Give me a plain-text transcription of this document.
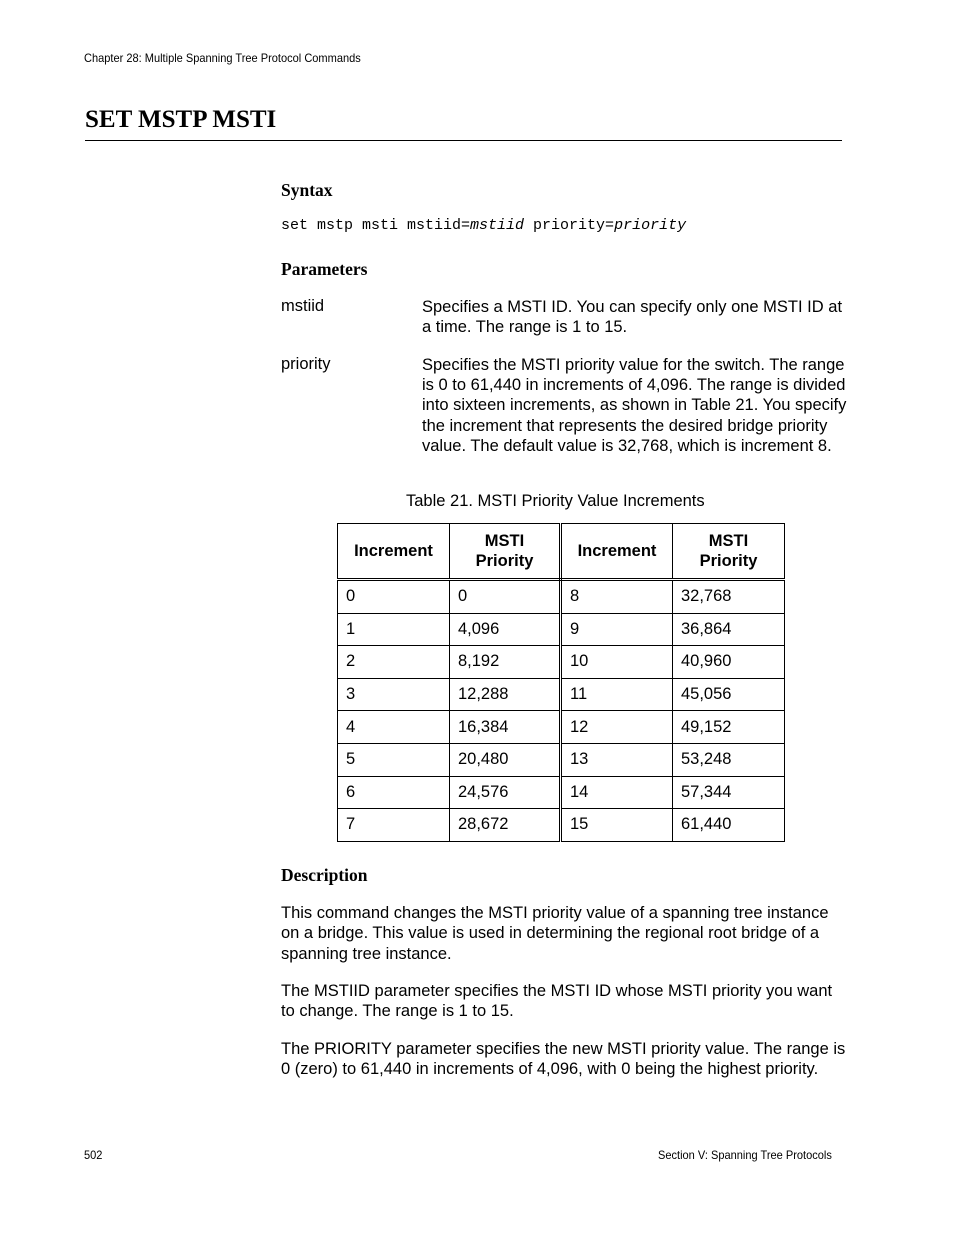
Chapter 28: Multiple Spanning Tree Protocol Commands
SET MSTP MSTI
Syntax
set mstp msti mstiid=mstiid priority=priority
Parameters
mstiid	Specifies a MSTI ID. You can specify only one MSTI ID at a time. The range is 1 to 15.
priority	Specifies the MSTI priority value for the switch. The range is 0 to 61,440 in increments of 4,096. The range is divided into sixteen increments, as shown in Table 21. You specify the increment that represents the desired bridge priority value. The default value is 32,768, which is increment 8.
Table 21. MSTI Priority Value Increments
Increment	MSTI Priority	Increment	MSTI Priority
0	0	8	32,768
1	4,096	9	36,864
2	8,192	10	40,960
3	12,288	11	45,056
4	16,384	12	49,152
5	20,480	13	53,248
6	24,576	14	57,344
7	28,672	15	61,440
Description

This command changes the MSTI priority value of a spanning tree instance on a bridge. This value is used in determining the regional root bridge of a spanning tree instance.

The MSTIID parameter specifies the MSTI ID whose MSTI priority you want to change. The range is 1 to 15.

The PRIORITY parameter specifies the new MSTI priority value. The range is 0 (zero) to 61,440 in increments of 4,096, with 0 being the highest priority.

502	Section V: Spanning Tree Protocols
